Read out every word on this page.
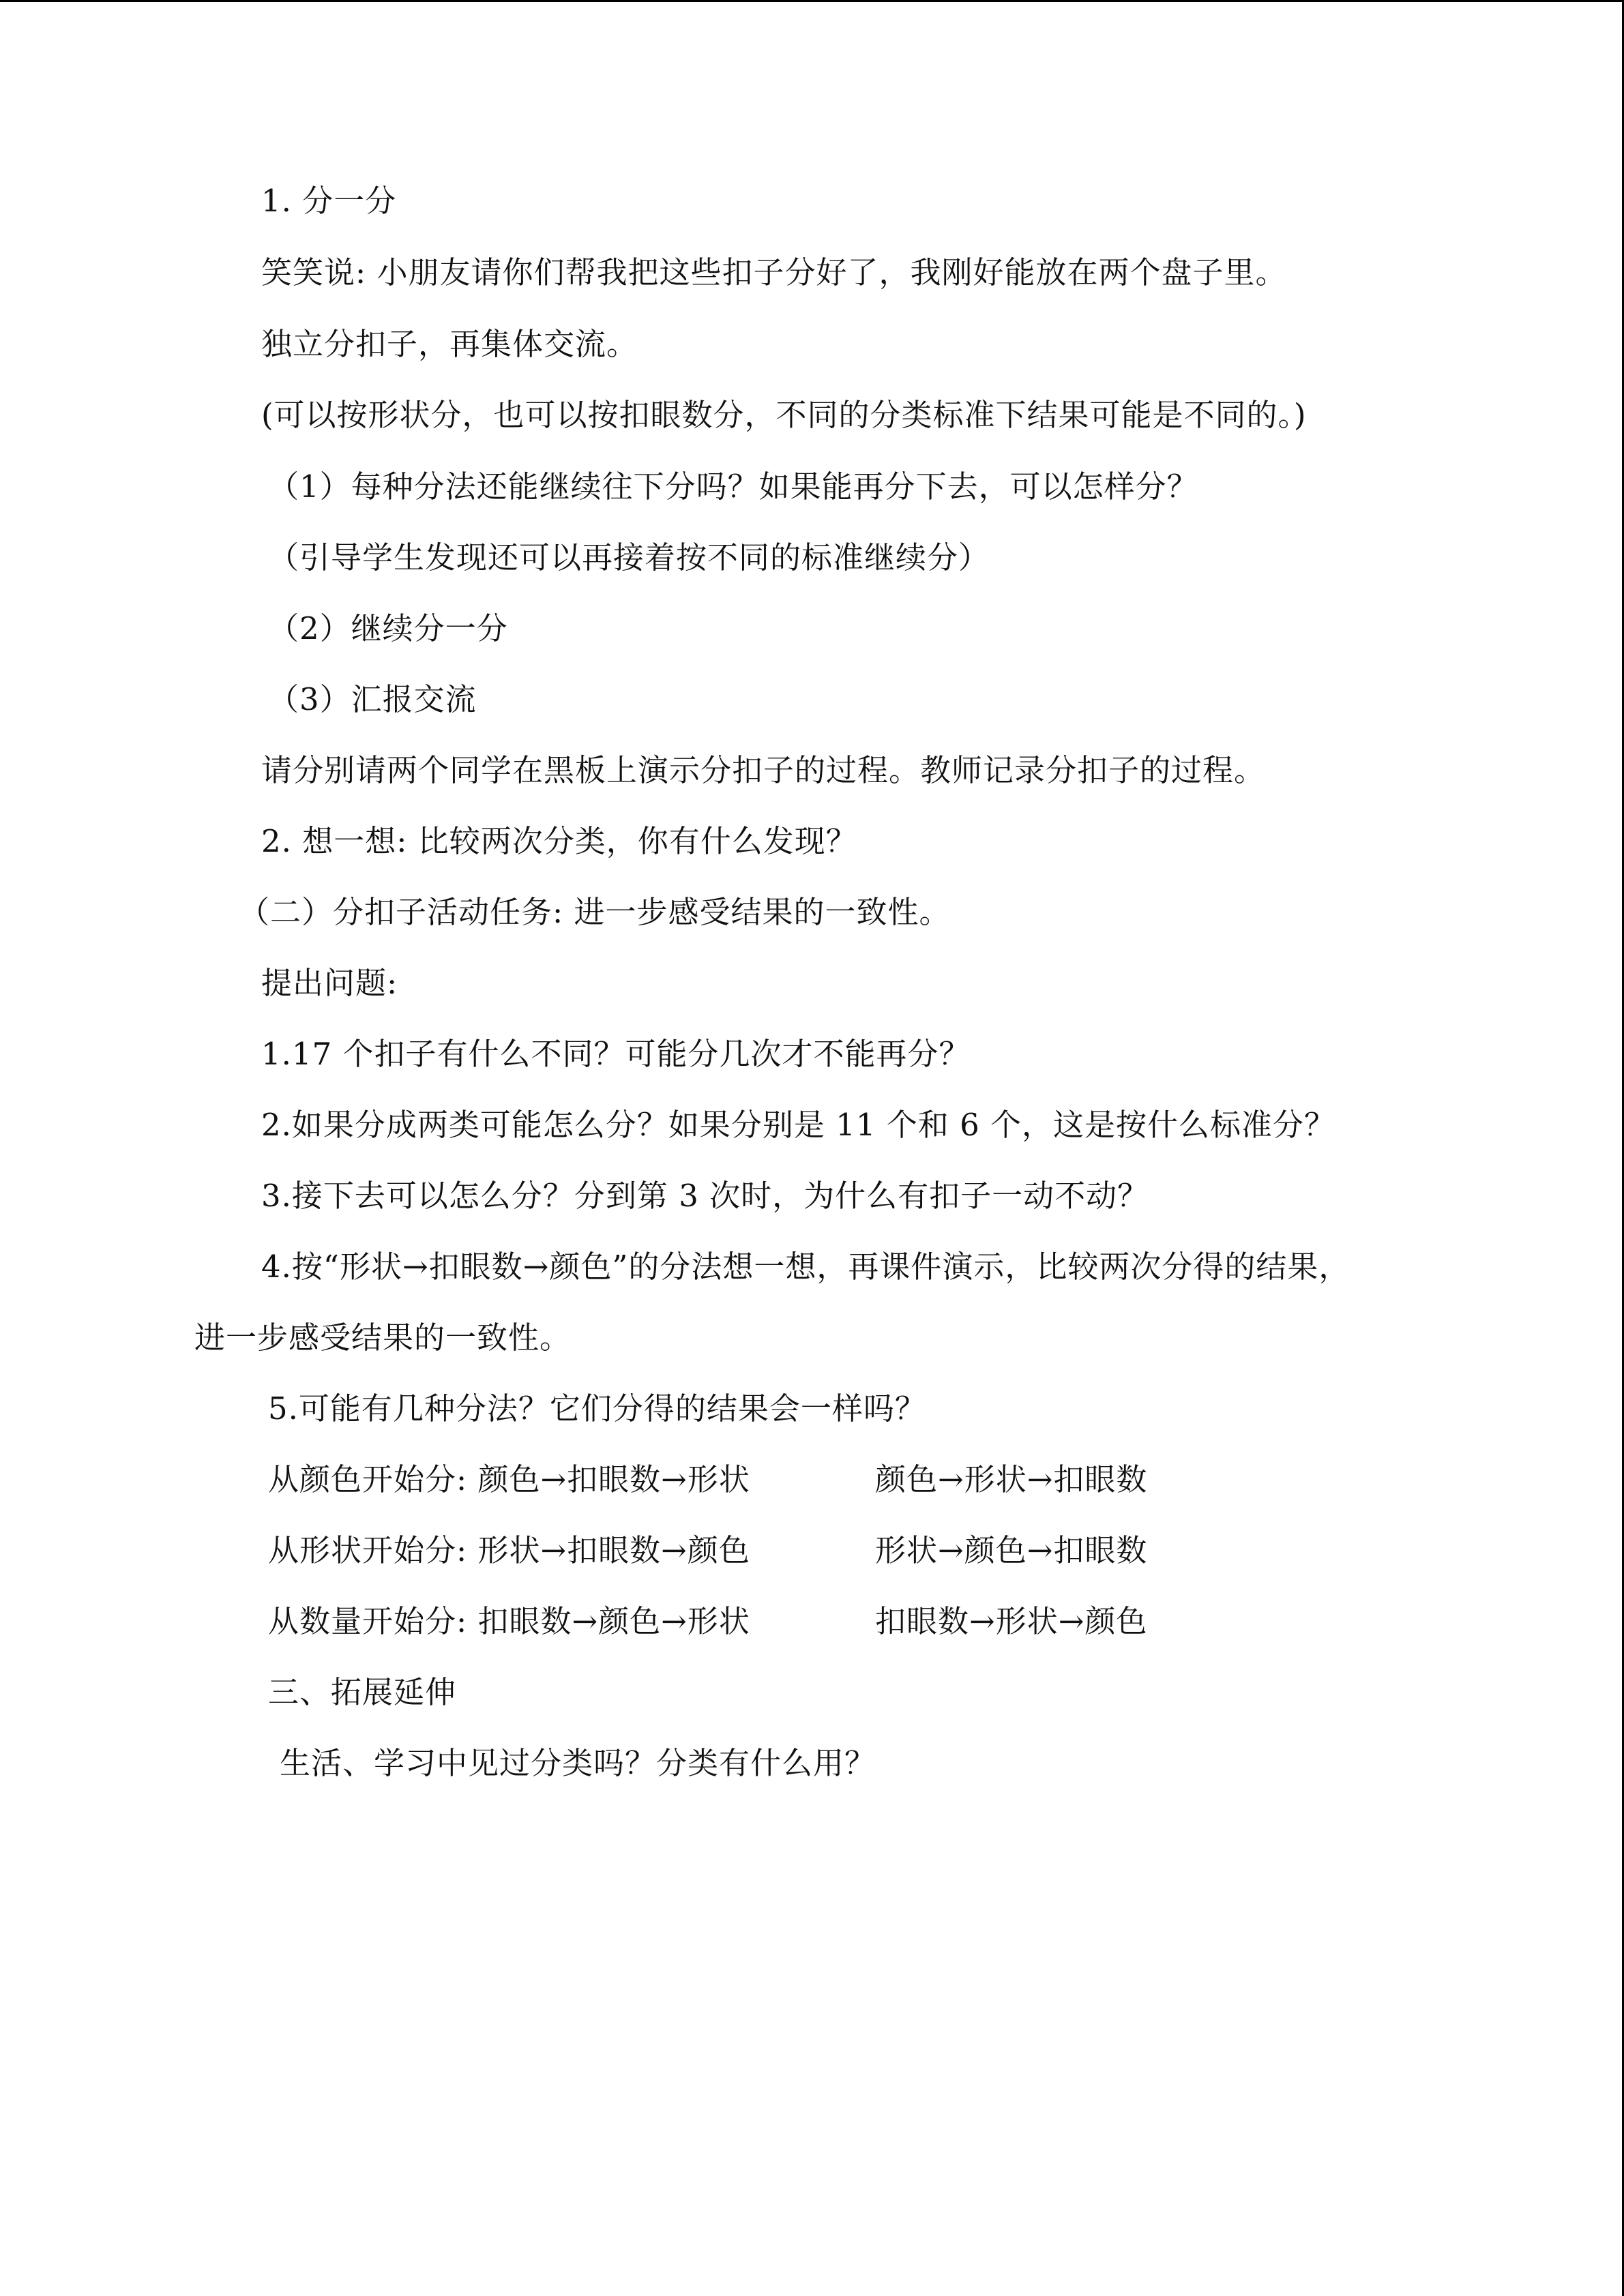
1. 分一分
笑笑说: 小朋友请你们帮我把这些扣子分好了，我刚好能放在两个盘子里。
独立分扣子，再集体交流。
(可以按形状分，也可以按扣眼数分，不同的分类标准下结果可能是不同的。)
（1）每种分法还能继续往下分吗？如果能再分下去，可以怎样分？
（引导学生发现还可以再接着按不同的标准继续分）
（2）继续分一分
（3）汇报交流
请分别请两个同学在黑板上演示分扣子的过程。教师记录分扣子的过程。
2. 想一想: 比较两次分类，你有什么发现？
（二）分扣子活动任务: 进一步感受结果的一致性。
提出问题:
1.17 个扣子有什么不同？可能分几次才不能再分？
2.如果分成两类可能怎么分？如果分别是 11 个和 6 个，这是按什么标准分？
3.接下去可以怎么分？分到第 3 次时，为什么有扣子一动不动？
4.按“形状→扣眼数→颜色”的分法想一想，再课件演示，比较两次分得的结果，
进一步感受结果的一致性。
5.可能有几种分法？它们分得的结果会一样吗？
从颜色开始分: 颜色→扣眼数→形状	颜色→形状→扣眼数
从形状开始分: 形状→扣眼数→颜色	形状→颜色→扣眼数
从数量开始分: 扣眼数→颜色→形状	扣眼数→形状→颜色
三、拓展延伸
生活、学习中见过分类吗？分类有什么用？
